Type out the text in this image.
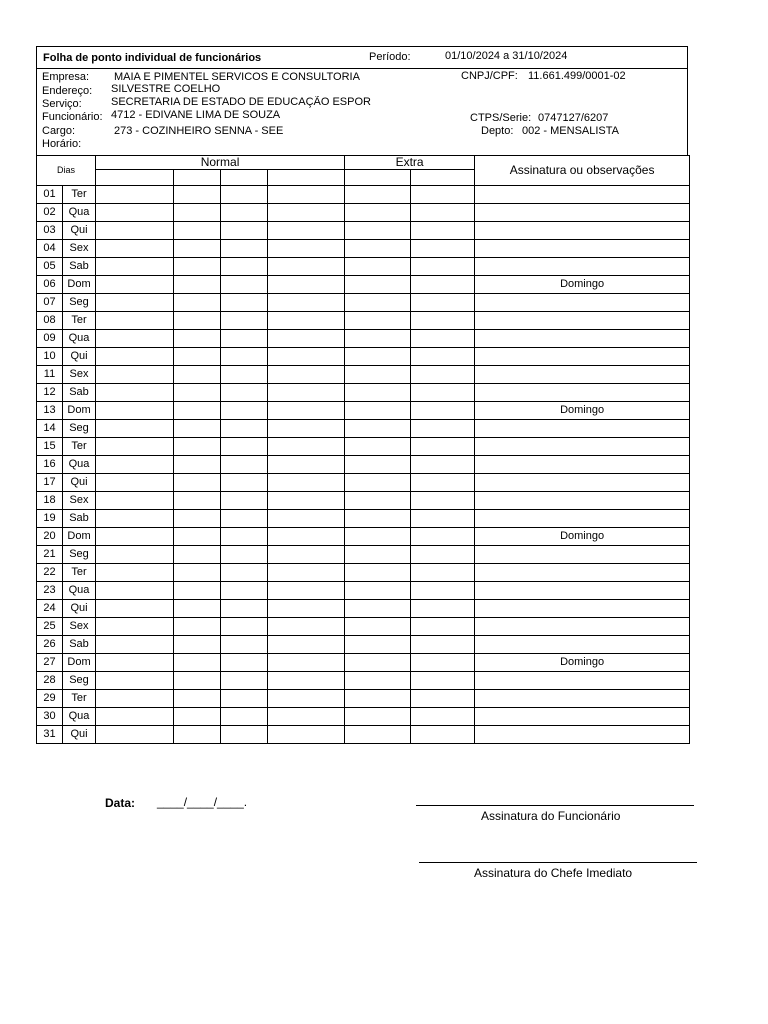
Folha de ponto individual de funcionários	Período:	01/10/2024 a 31/10/2024
Empresa: MAIA E PIMENTEL SERVICOS E CONSULTORIA	CNPJ/CPF: 11.661.499/0001-02
Endereço: SILVESTRE COELHO
Serviço:	SECRETARIA DE ESTADO DE EDUCAÇÃO ESPOR
Funcionário: 4712 - EDIVANE LIMA DE SOUZA	CTPS/Serie: 0747127/6207
Cargo:	273 - COZINHEIRO SENNA - SEE	Depto: 002 - MENSALISTA
Horário:
Dias		Normal				Extra		Assinatura ou observações

01	Ter							
02	Qua							
03	Qui							
04	Sex							
05	Sab							
06	Dom							Domingo
07	Seg							
08	Ter							
09	Qua							
10	Qui							
11	Sex							
12	Sab							
13	Dom							Domingo
14	Seg							
15	Ter							
16	Qua							
17	Qui							
18	Sex							
19	Sab							
20	Dom							Domingo
21	Seg							
22	Ter							
23	Qua							
24	Qui							
25	Sex							
26	Sab							
27	Dom							Domingo
28	Seg							
29	Ter							
30	Qua							
31	Qui							
Data: ____/____/____.
Assinatura do Funcionário
Assinatura do Chefe Imediato
